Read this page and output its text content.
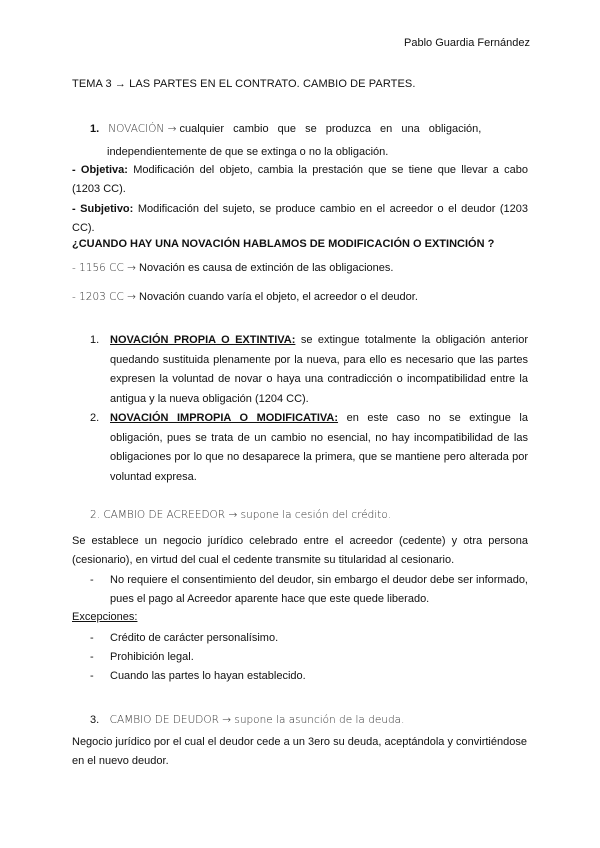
Pablo Guardia Fernández
TEMA 3 → LAS PARTES EN EL CONTRATO. CAMBIO DE PARTES.
1. NOVACIÓN → cualquier cambio que se produzca en una obligación,
independientemente de que se extinga o no la obligación.
- Objetiva: Modificación del objeto, cambia la prestación que se tiene que llevar a cabo (1203 CC).
- Subjetivo: Modificación del sujeto, se produce cambio en el acreedor o el deudor (1203 CC).
¿CUANDO HAY UNA NOVACIÓN HABLAMOS DE MODIFICACIÓN O EXTINCIÓN ?
- 1156 CC → Novación es causa de extinción de las obligaciones.
- 1203 CC → Novación cuando varía el objeto, el acreedor o el deudor.
1. NOVACIÓN PROPIA O EXTINTIVA: se extingue totalmente la obligación anterior quedando sustituida plenamente por la nueva, para ello es necesario que las partes expresen la voluntad de novar o haya una contradicción o incompatibilidad entre la antigua y la nueva obligación (1204 CC).
2. NOVACIÓN IMPROPIA O MODIFICATIVA: en este caso no se extingue la obligación, pues se trata de un cambio no esencial, no hay incompatibilidad de las obligaciones por lo que no desaparece la primera, que se mantiene pero alterada por voluntad expresa.
2. CAMBIO DE ACREEDOR → supone la cesión del crédito.
Se establece un negocio jurídico celebrado entre el acreedor (cedente) y otra persona (cesionario), en virtud del cual el cedente transmite su titularidad al cesionario.
-	No requiere el consentimiento del deudor, sin embargo el deudor debe ser informado, pues el pago al Acreedor aparente hace que este quede liberado.
Excepciones:
-	Crédito de carácter personalísimo.
-	Prohibición legal.
-	Cuando las partes lo hayan establecido.
3. CAMBIO DE DEUDOR → supone la asunción de la deuda.
Negocio jurídico por el cual el deudor cede a un 3ero su deuda, aceptándola y convirtiéndose en el nuevo deudor.
